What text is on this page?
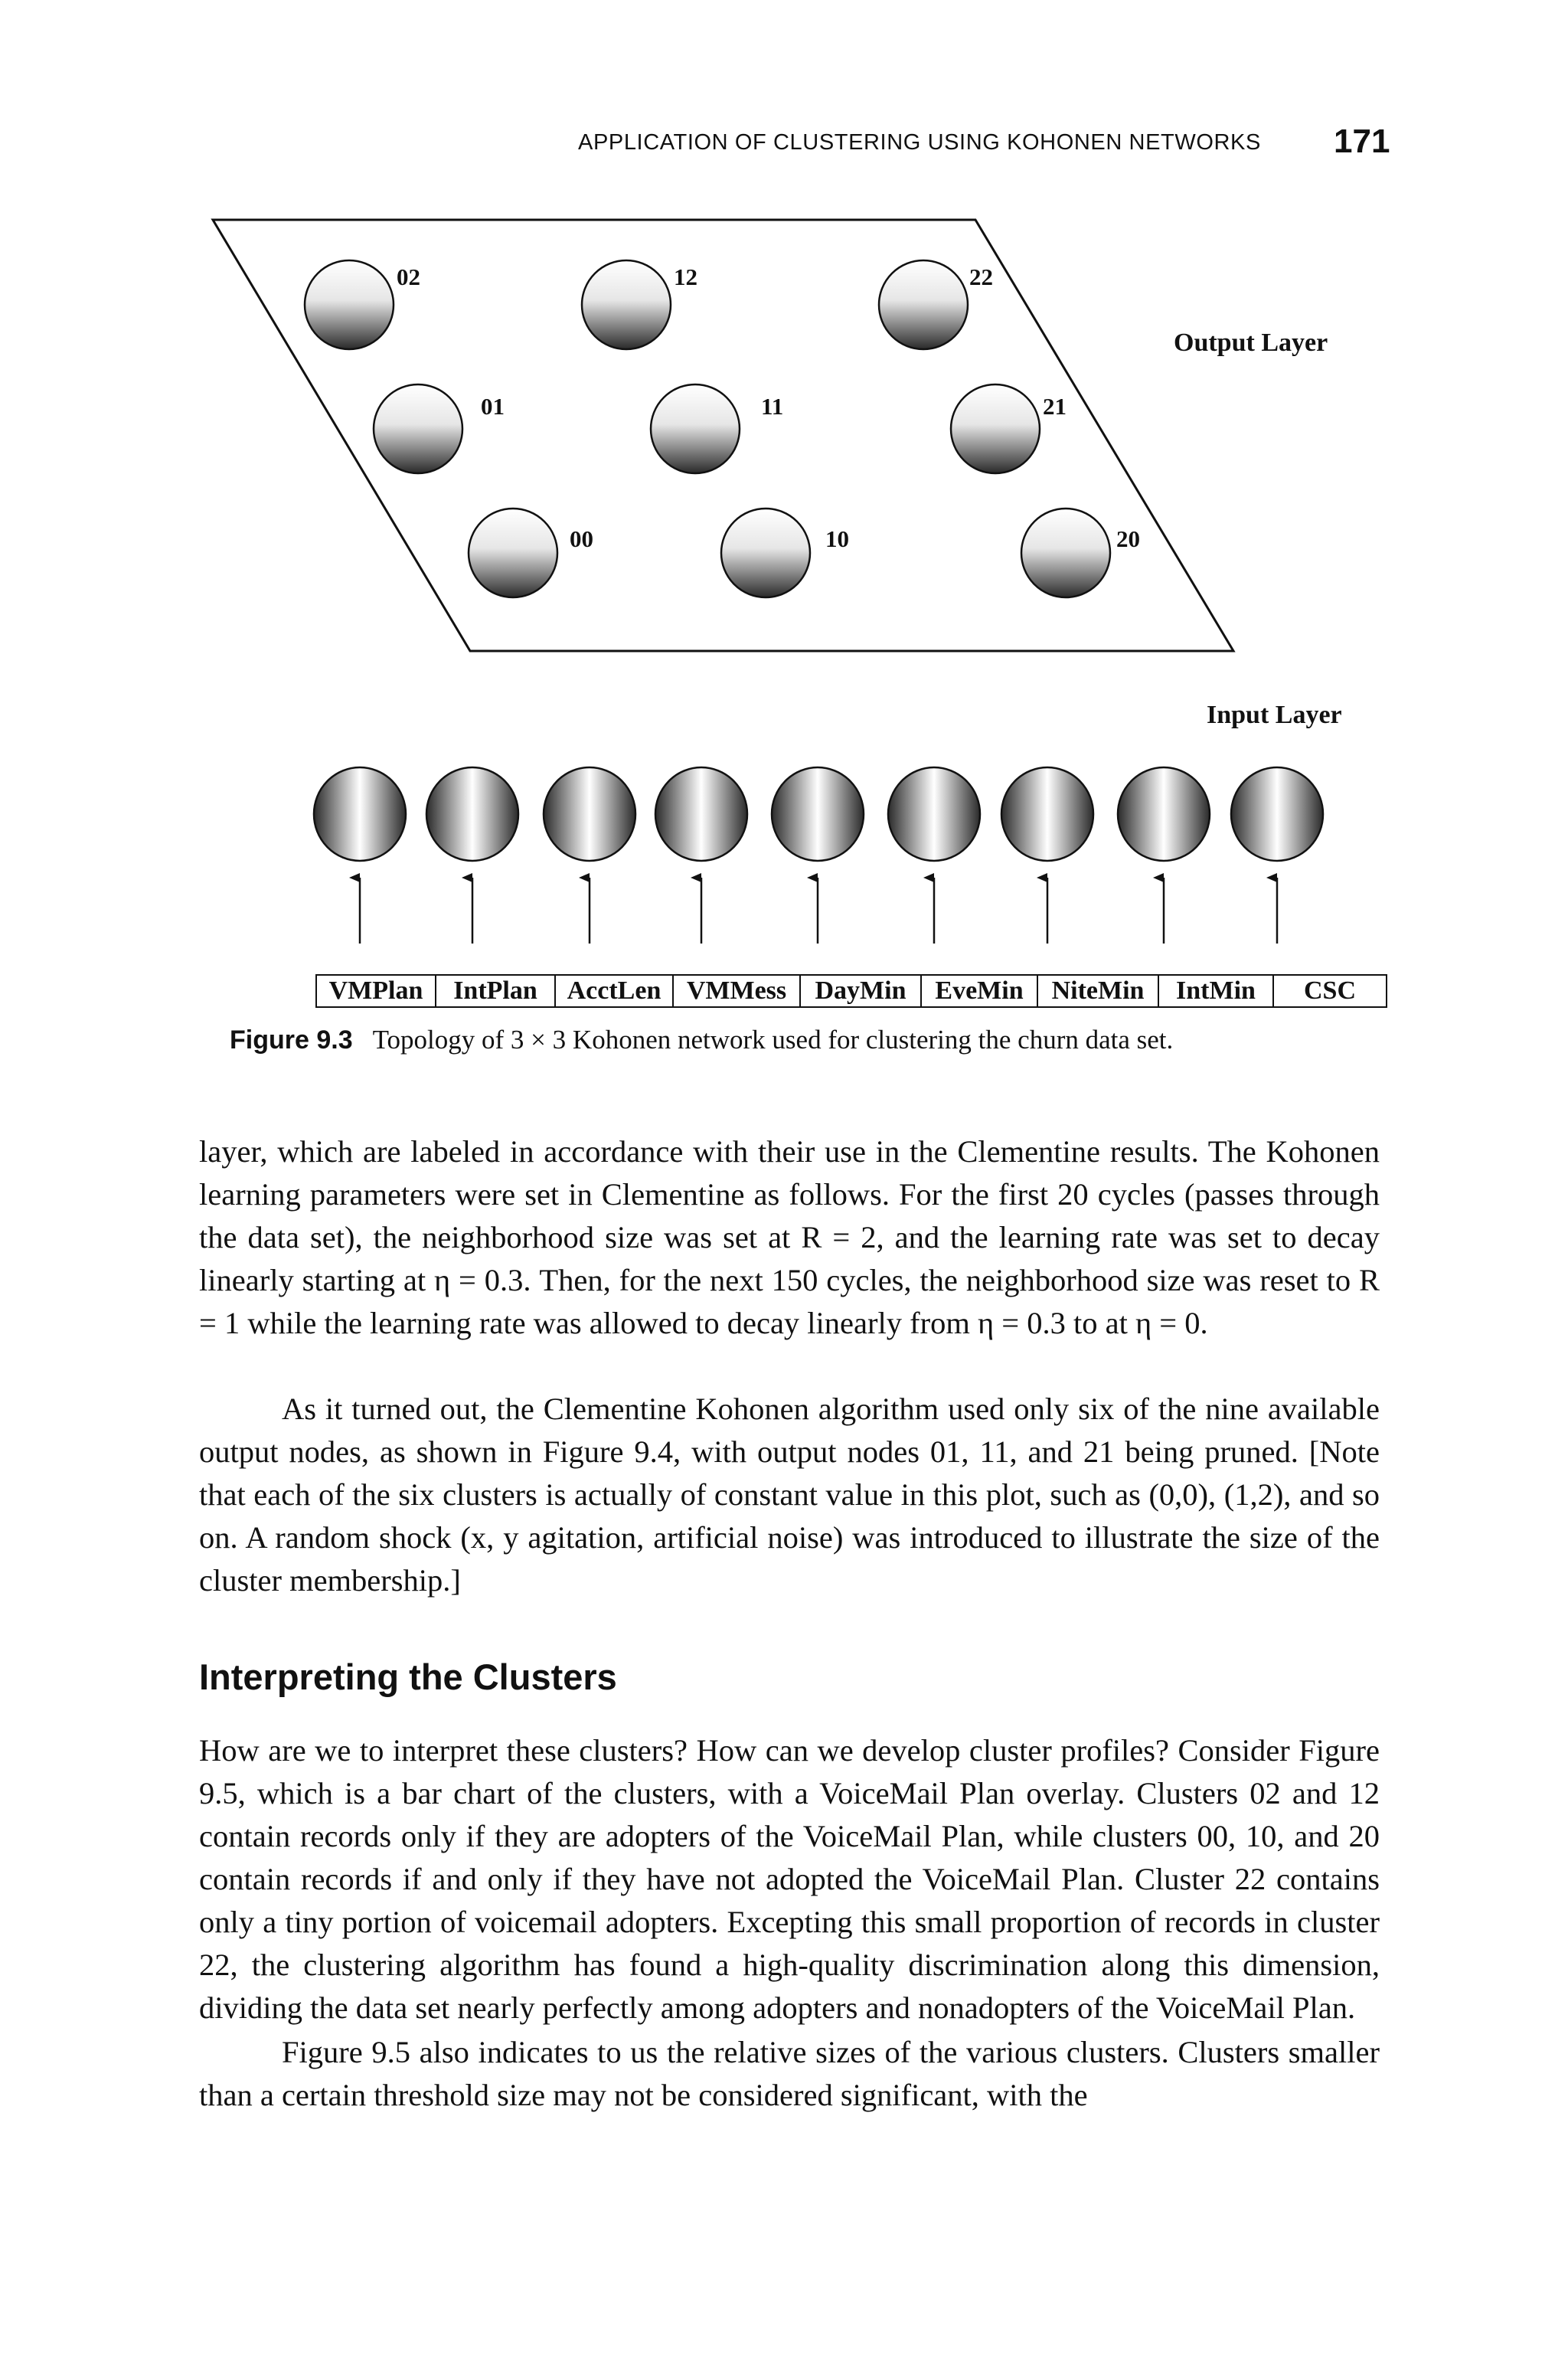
APPLICATION OF CLUSTERING USING KOHONEN NETWORKS 171
02	12	22
01	11	21
00	10	20
Output Layer
Input Layer
VMPlan	IntPlan	AcctLen	VMMess	DayMin	EveMin	NiteMin	IntMin	CSC
Figure 9.3 Topology of 3 × 3 Kohonen network used for clustering the churn data set.

layer, which are labeled in accordance with their use in the Clementine results. The Kohonen learning parameters were set in Clementine as follows. For the first 20 cycles (passes through the data set), the neighborhood size was set at R = 2, and the learning rate was set to decay linearly starting at η = 0.3. Then, for the next 150 cycles, the neighborhood size was reset to R = 1 while the learning rate was allowed to decay linearly from η = 0.3 to at η = 0.

As it turned out, the Clementine Kohonen algorithm used only six of the nine available output nodes, as shown in Figure 9.4, with output nodes 01, 11, and 21 being pruned. [Note that each of the six clusters is actually of constant value in this plot, such as (0,0), (1,2), and so on. A random shock (x, y agitation, artificial noise) was introduced to illustrate the size of the cluster membership.]

Interpreting the Clusters

How are we to interpret these clusters? How can we develop cluster profiles? Consider Figure 9.5, which is a bar chart of the clusters, with a VoiceMail Plan overlay. Clusters 02 and 12 contain records only if they are adopters of the VoiceMail Plan, while clusters 00, 10, and 20 contain records if and only if they have not adopted the VoiceMail Plan. Cluster 22 contains only a tiny portion of voicemail adopters. Excepting this small proportion of records in cluster 22, the clustering algorithm has found a high-quality discrimination along this dimension, dividing the data set nearly perfectly among adopters and nonadopters of the VoiceMail Plan.

Figure 9.5 also indicates to us the relative sizes of the various clusters. Clusters smaller than a certain threshold size may not be considered significant, with the
